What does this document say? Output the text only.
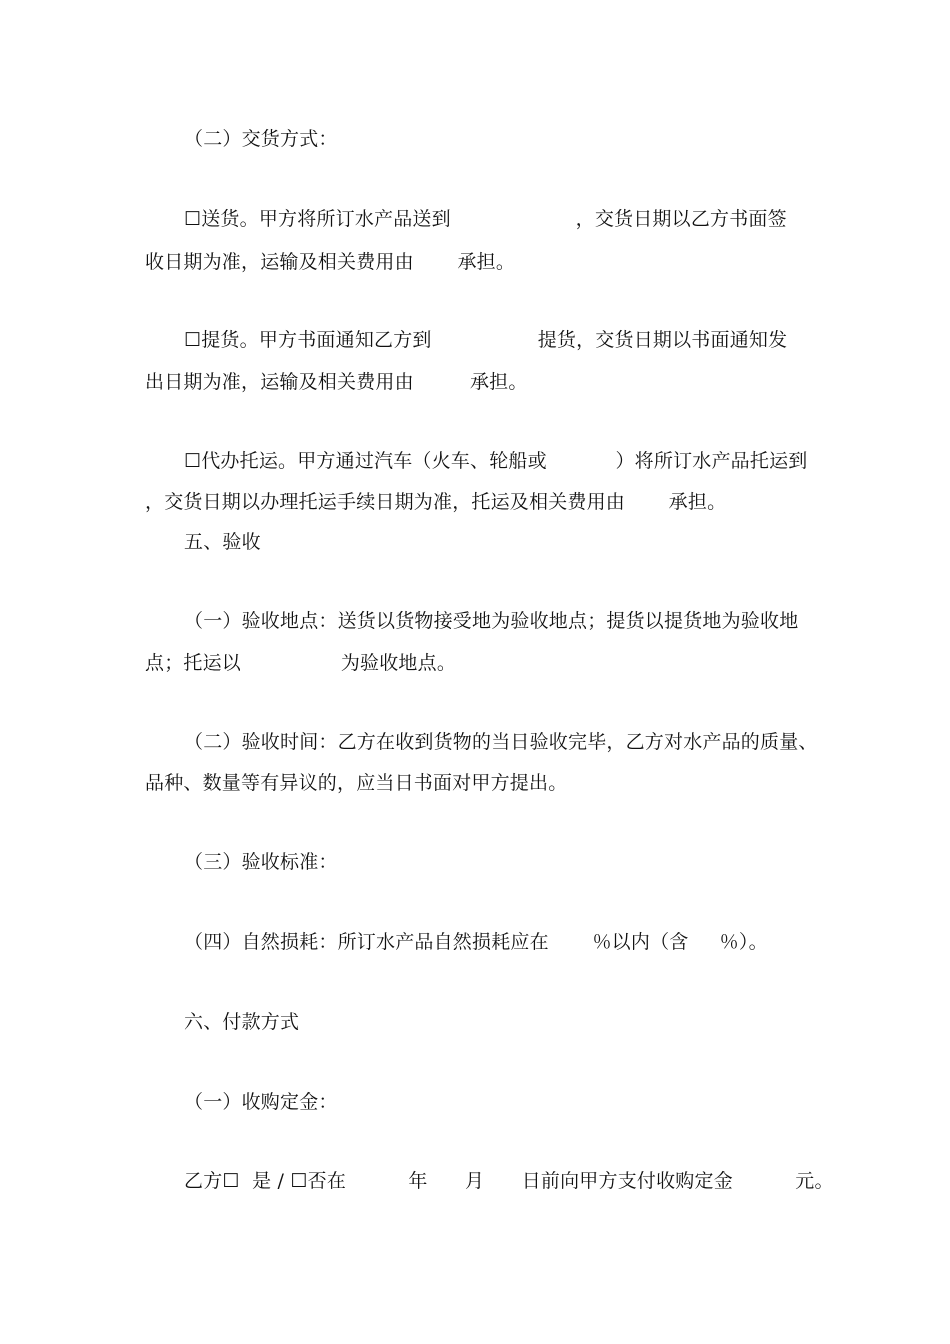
（二）交货方式：

☐送货。甲方将所订水产品送到                    ，交货日期以乙方书面签

收日期为准，运输及相关费用由       承担。

☐提货。甲方书面通知乙方到                 提货，交货日期以书面通知发

出日期为准，运输及相关费用由         承担。

☐代办托运。甲方通过汽车（火车、轮船或           ）将所订水产品托运到

，交货日期以办理托运手续日期为准，托运及相关费用由       承担。

五、验收

（一）验收地点：送货以货物接受地为验收地点；提货以提货地为验收地

点；托运以                为验收地点。

（二）验收时间：乙方在收到货物的当日验收完毕，乙方对水产品的质量、

品种、数量等有异议的，应当日书面对甲方提出。

（三）验收标准：

（四）自然损耗：所订水产品自然损耗应在       ％以内（含     ％）。

六、付款方式

（一）收购定金：

乙方☐  是 / ☐否在          年      月      日前向甲方支付收购定金          元。
